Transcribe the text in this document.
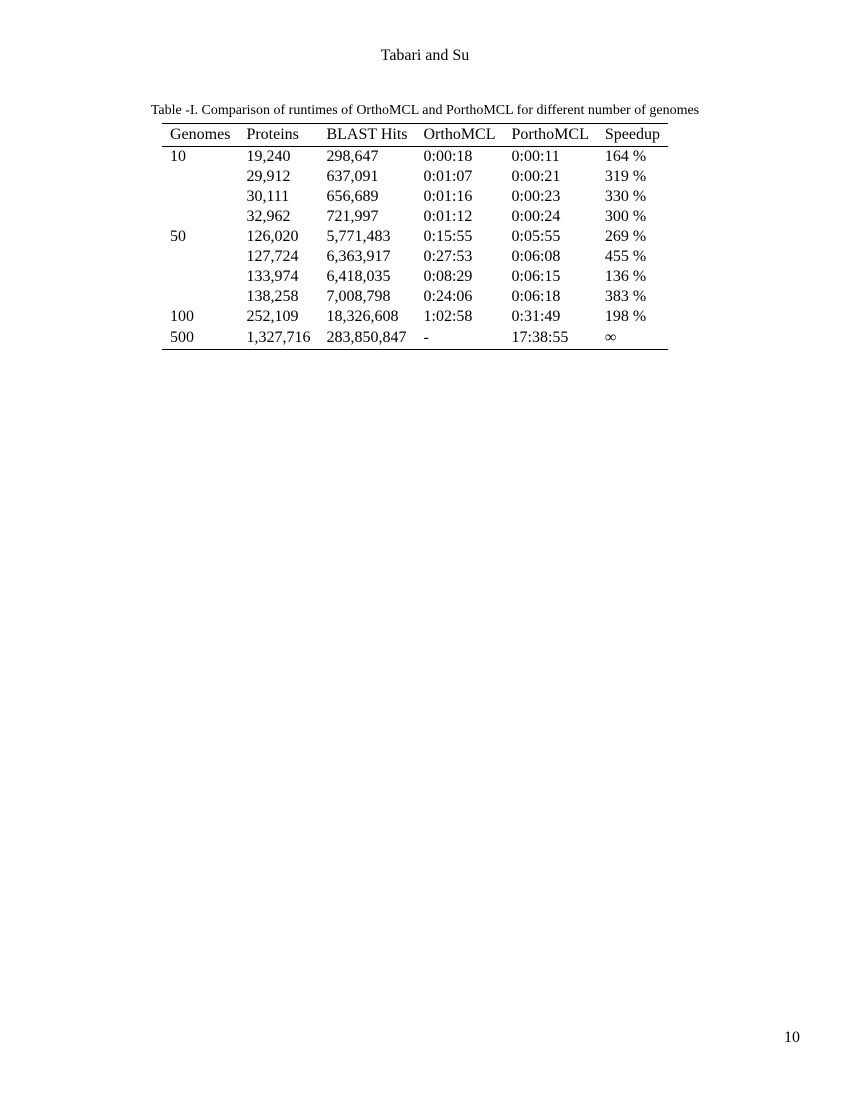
Tabari and Su
Table -I. Comparison of runtimes of OrthoMCL and PorthoMCL for different number of genomes
Genomes	Proteins	BLAST Hits	OrthoMCL	PorthoMCL	Speedup
10	19,240	298,647	0:00:18	0:00:11	164 %
	29,912	637,091	0:01:07	0:00:21	319 %
	30,111	656,689	0:01:16	0:00:23	330 %
	32,962	721,997	0:01:12	0:00:24	300 %
50	126,020	5,771,483	0:15:55	0:05:55	269 %
	127,724	6,363,917	0:27:53	0:06:08	455 %
	133,974	6,418,035	0:08:29	0:06:15	136 %
	138,258	7,008,798	0:24:06	0:06:18	383 %
100	252,109	18,326,608	1:02:58	0:31:49	198 %
500	1,327,716	283,850,847	-	17:38:55	∞
10
